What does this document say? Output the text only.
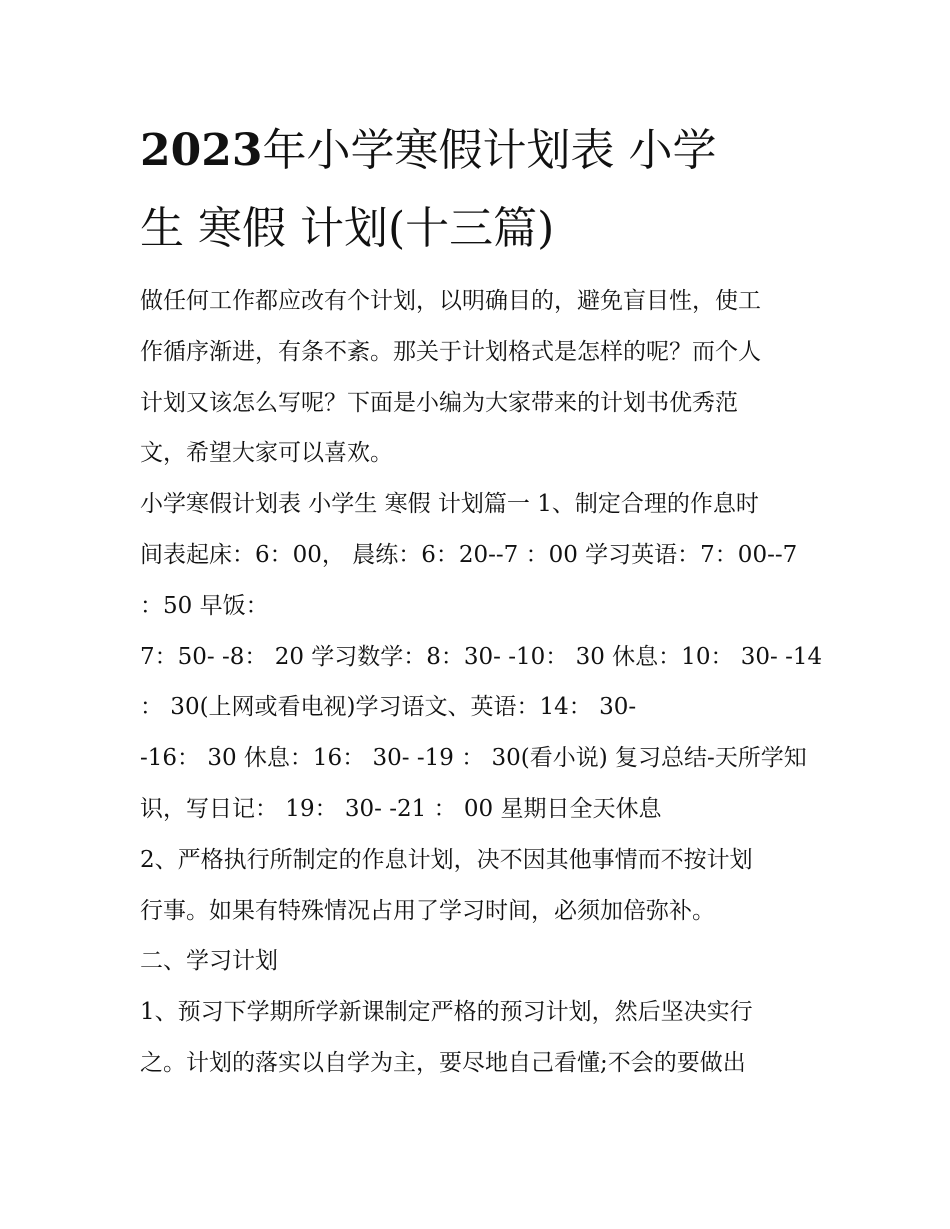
2023年小学寒假计划表 小学
生 寒假 计划(十三篇)

做任何工作都应改有个计划，以明确目的，避免盲目性，使工

作循序渐进，有条不紊。那关于计划格式是怎样的呢？而个人

计划又该怎么写呢？下面是小编为大家带来的计划书优秀范

文，希望大家可以喜欢。

小学寒假计划表 小学生 寒假 计划篇一 1、制定合理的作息时

间表起床：6：00， 晨练：6：20--7 ：00 学习英语：7：00--7

：50 早饭：

7：50- -8： 20 学习数学：8：30- -10： 30 休息：10： 30- -14

： 30(上网或看电视)学习语文、英语：14： 30-

-16： 30 休息：16： 30- -19 ： 30(看小说) 复习总结-天所学知

识，写日记： 19： 30- -21 ： 00 星期日全天休息

2、严格执行所制定的作息计划，决不因其他事情而不按计划

行事。如果有特殊情况占用了学习时间，必须加倍弥补。

二、学习计划

1、预习下学期所学新课制定严格的预习计划，然后坚决实行

之。计划的落实以自学为主，要尽地自己看懂;不会的要做出
